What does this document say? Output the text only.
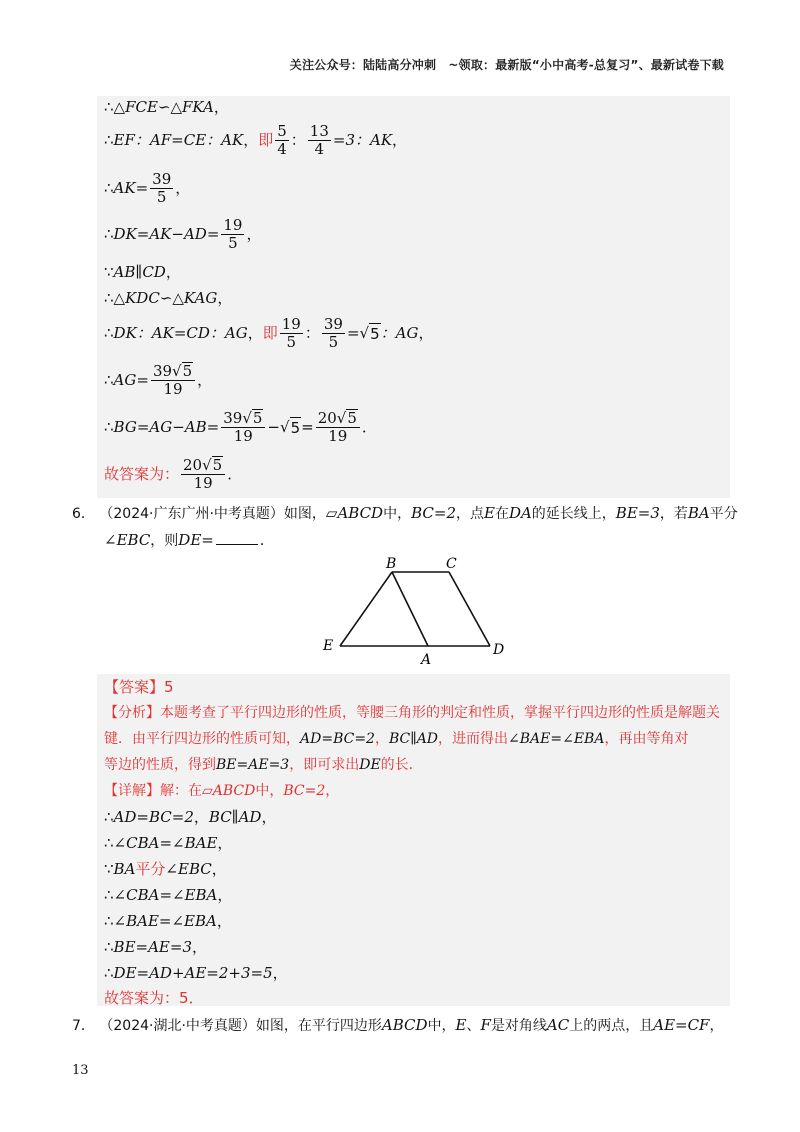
关注公众号：陆陆高分冲刺　~领取：最新版“小中高考-总复习”、最新试卷下载
∴ △FCE∽△FKA ，
∴ EF：AF=CE：AK ， 即 $\frac{5}{4}$ ： $\frac{13}{4} =3$：AK ，
∴ $AK= \frac{39}{5}$ ，
∴ $DK=AK-AD= \frac{19}{5}$ ，
∵ AB∥CD ，
∴ △KDC∽△KAG ，
∴ DK：AK=CD：AG ， 即 $\frac{19}{5}$ ： $\frac{39}{5}$ = √ 5 ：AG ，
∴ $AG= \frac{39√ 5}{19}$ ，
∴ $BG=AG-AB= \frac{39√ 5}{19}$ − √ $5 = \frac{20√ 5}{19}$ ．
故答案为： $\frac{20√ 5}{19}$ ．
6． （2024·广东广州·中考真题）如图，▱ABCD中，BC=2，点E在DA的延长线上，BE=3，若BA平分
∠EBC，则DE=	．
B	C
E
A
D
【答案】 5
【分析】 本题考查了平行四边形的性质，等腰三角形的判定和性质，掌握平行四边形的性质是解题关
键．由平行四边形的性质可知， AD=BC=2 ， BC∥AD ，进而得出 ∠BAE=∠EBA ，再由等角对
等边的性质，得到 BE=AE=3 ，即可求出 DE 的长．
【详解】 解：在 ▱ABCD 中， BC=2 ，
∴ AD=BC=2 ， BC∥AD ，
∴ ∠CBA=∠BAE ，
∵ BA 平分 ∠EBC ，
∴ ∠CBA=∠EBA ，
∴ ∠BAE=∠EBA ，
∴ BE=AE=3 ，
∴ DE=AD+AE=2+3=5 ，
故答案为： 5 ．
7． （2024·湖北·中考真题）如图，在平行四边形ABCD中，E、F是对角线AC上的两点，且AE=CF，
13
